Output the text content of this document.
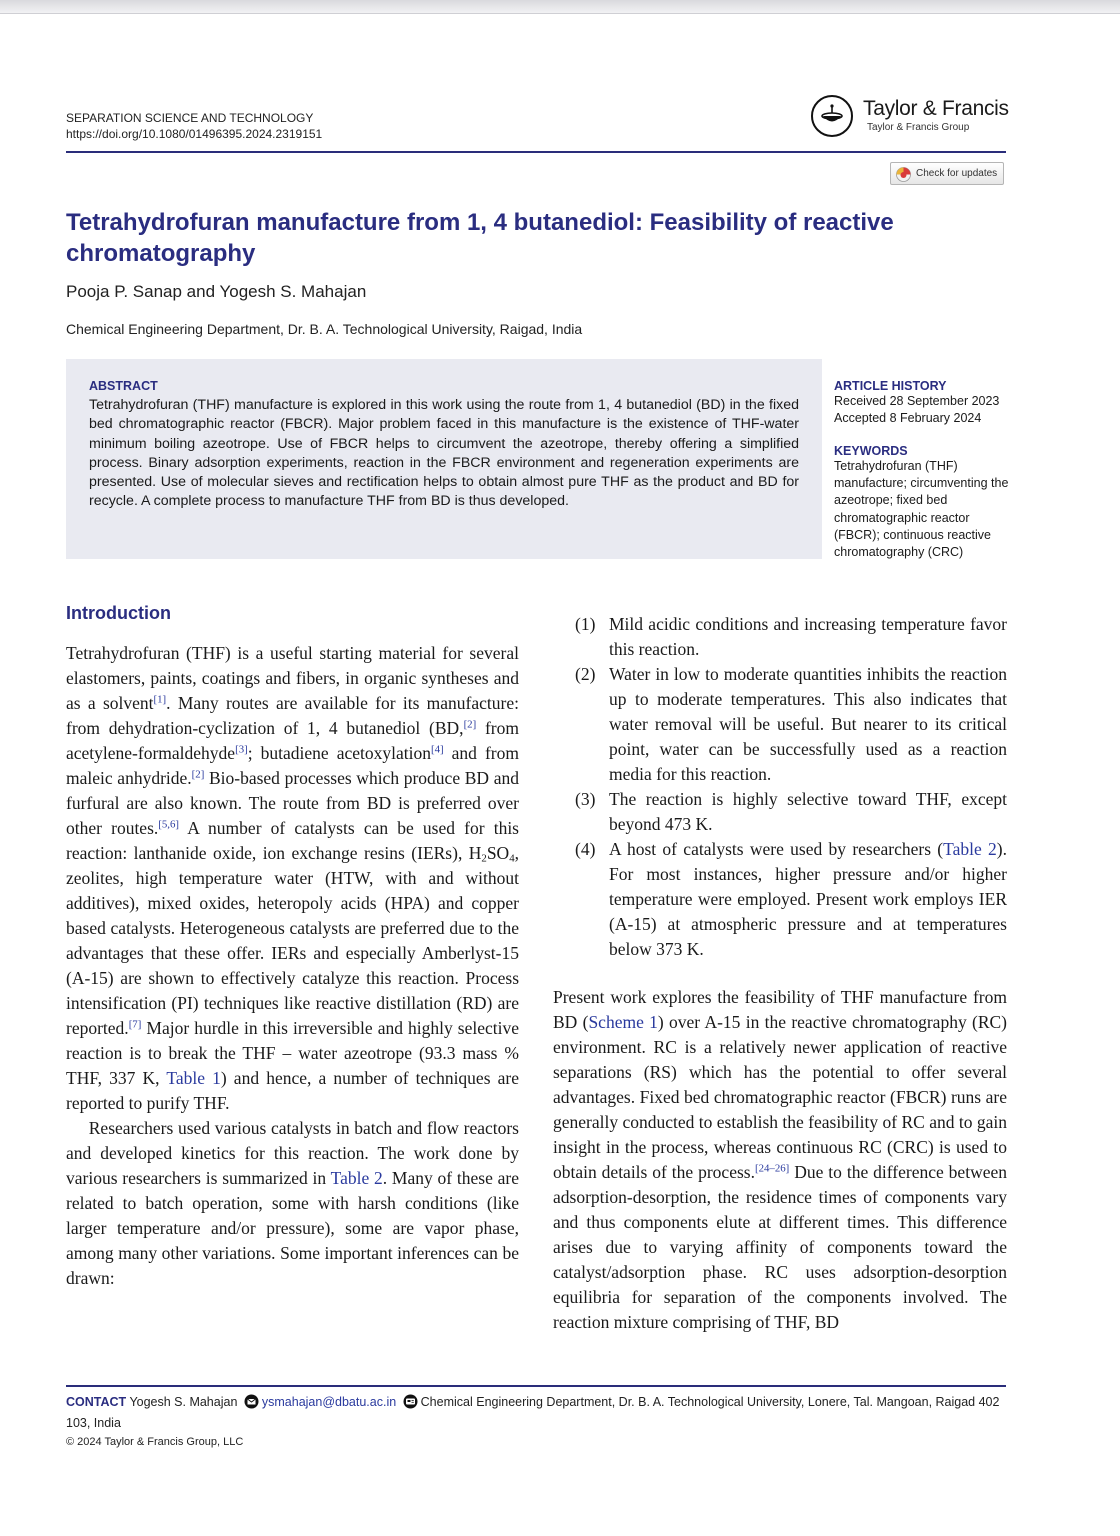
SEPARATION SCIENCE AND TECHNOLOGY
https://doi.org/10.1080/01496395.2024.2319151
Taylor & Francis
Taylor & Francis Group
Check for updates
Tetrahydrofuran manufacture from 1, 4 butanediol: Feasibility of reactive chromatography
Pooja P. Sanap and Yogesh S. Mahajan
Chemical Engineering Department, Dr. B. A. Technological University, Raigad, India
ABSTRACT

Tetrahydrofuran (THF) manufacture is explored in this work using the route from 1, 4 butanediol (BD) in the fixed bed chromatographic reactor (FBCR). Major problem faced in this manufacture is the existence of THF-water minimum boiling azeotrope. Use of FBCR helps to circumvent the azeotrope, thereby offering a simplified process. Binary adsorption experiments, reaction in the FBCR environment and regeneration experiments are presented. Use of molecular sieves and rectification helps to obtain almost pure THF as the product and BD for recycle. A complete process to manufacture THF from BD is thus developed.

ARTICLE HISTORY
Received 28 September 2023
Accepted 8 February 2024
KEYWORDS

Tetrahydrofuran (THF) manufacture; circumventing the azeotrope; fixed bed chromatographic reactor (FBCR); continuous reactive chromatography (CRC)

Introduction

Tetrahydrofuran (THF) is a useful starting material for several elastomers, paints, coatings and fibers, in organic syntheses and as a solvent[1]. Many routes are available for its manufacture: from dehydration-cyclization of 1, 4 butanediol (BD,[2] from acetylene-formaldehyde[3]; butadiene acetoxylation[4] and from maleic anhydride.[2] Bio-based processes which produce BD and furfural are also known. The route from BD is preferred over other routes.[5,6] A number of catalysts can be used for this reaction: lanthanide oxide, ion exchange resins (IERs), $H_2SO_4$, zeolites, high temperature water (HTW, with and without additives), mixed oxides, heteropoly acids (HPA) and copper based catalysts. Heterogeneous catalysts are preferred due to the advantages that these offer. IERs and especially Amberlyst-15 (A-15) are shown to effectively catalyze this reaction. Process intensification (PI) techniques like reactive distillation (RD) are reported.[7] Major hurdle in this irreversible and highly selective reaction is to break the THF – water azeotrope (93.3 mass % THF, 337 K, Table 1) and hence, a number of techniques are reported to purify THF.

Researchers used various catalysts in batch and flow reactors and developed kinetics for this reaction. The work done by various researchers is summarized in Table 2. Many of these are related to batch operation, some with harsh conditions (like larger temperature and/or pressure), some are vapor phase, among many other variations. Some important inferences can be drawn:

(1) Mild acidic conditions and increasing temperature favor this reaction.
(2) Water in low to moderate quantities inhibits the reaction up to moderate temperatures. This also indicates that water removal will be useful. But nearer to its critical point, water can be successfully used as a reaction media for this reaction.
(3) The reaction is highly selective toward THF, except beyond 473 K.
(4) A host of catalysts were used by researchers (Table 2). For most instances, higher pressure and/or higher temperature were employed. Present work employs IER (A-15) at atmospheric pressure and at temperatures below 373 K.

Present work explores the feasibility of THF manufacture from BD (Scheme 1) over A-15 in the reactive chromatography (RC) environment. RC is a relatively newer application of reactive separations (RS) which has the potential to offer several advantages. Fixed bed chromatographic reactor (FBCR) runs are generally conducted to establish the feasibility of RC and to gain insight in the process, whereas continuous RC (CRC) is used to obtain details of the process.[24–26] Due to the difference between adsorption-desorption, the residence times of components vary and thus components elute at different times. This difference arises due to varying affinity of components toward the catalyst/adsorption phase. RC uses adsorption-desorption equilibria for separation of the components involved. The reaction mixture comprising of THF, BD

CONTACT Yogesh S. Mahajan ysmahajan@dbatu.ac.in Chemical Engineering Department, Dr. B. A. Technological University, Lonere, Tal. Mangoan, Raigad 402 103, India
© 2024 Taylor & Francis Group, LLC
